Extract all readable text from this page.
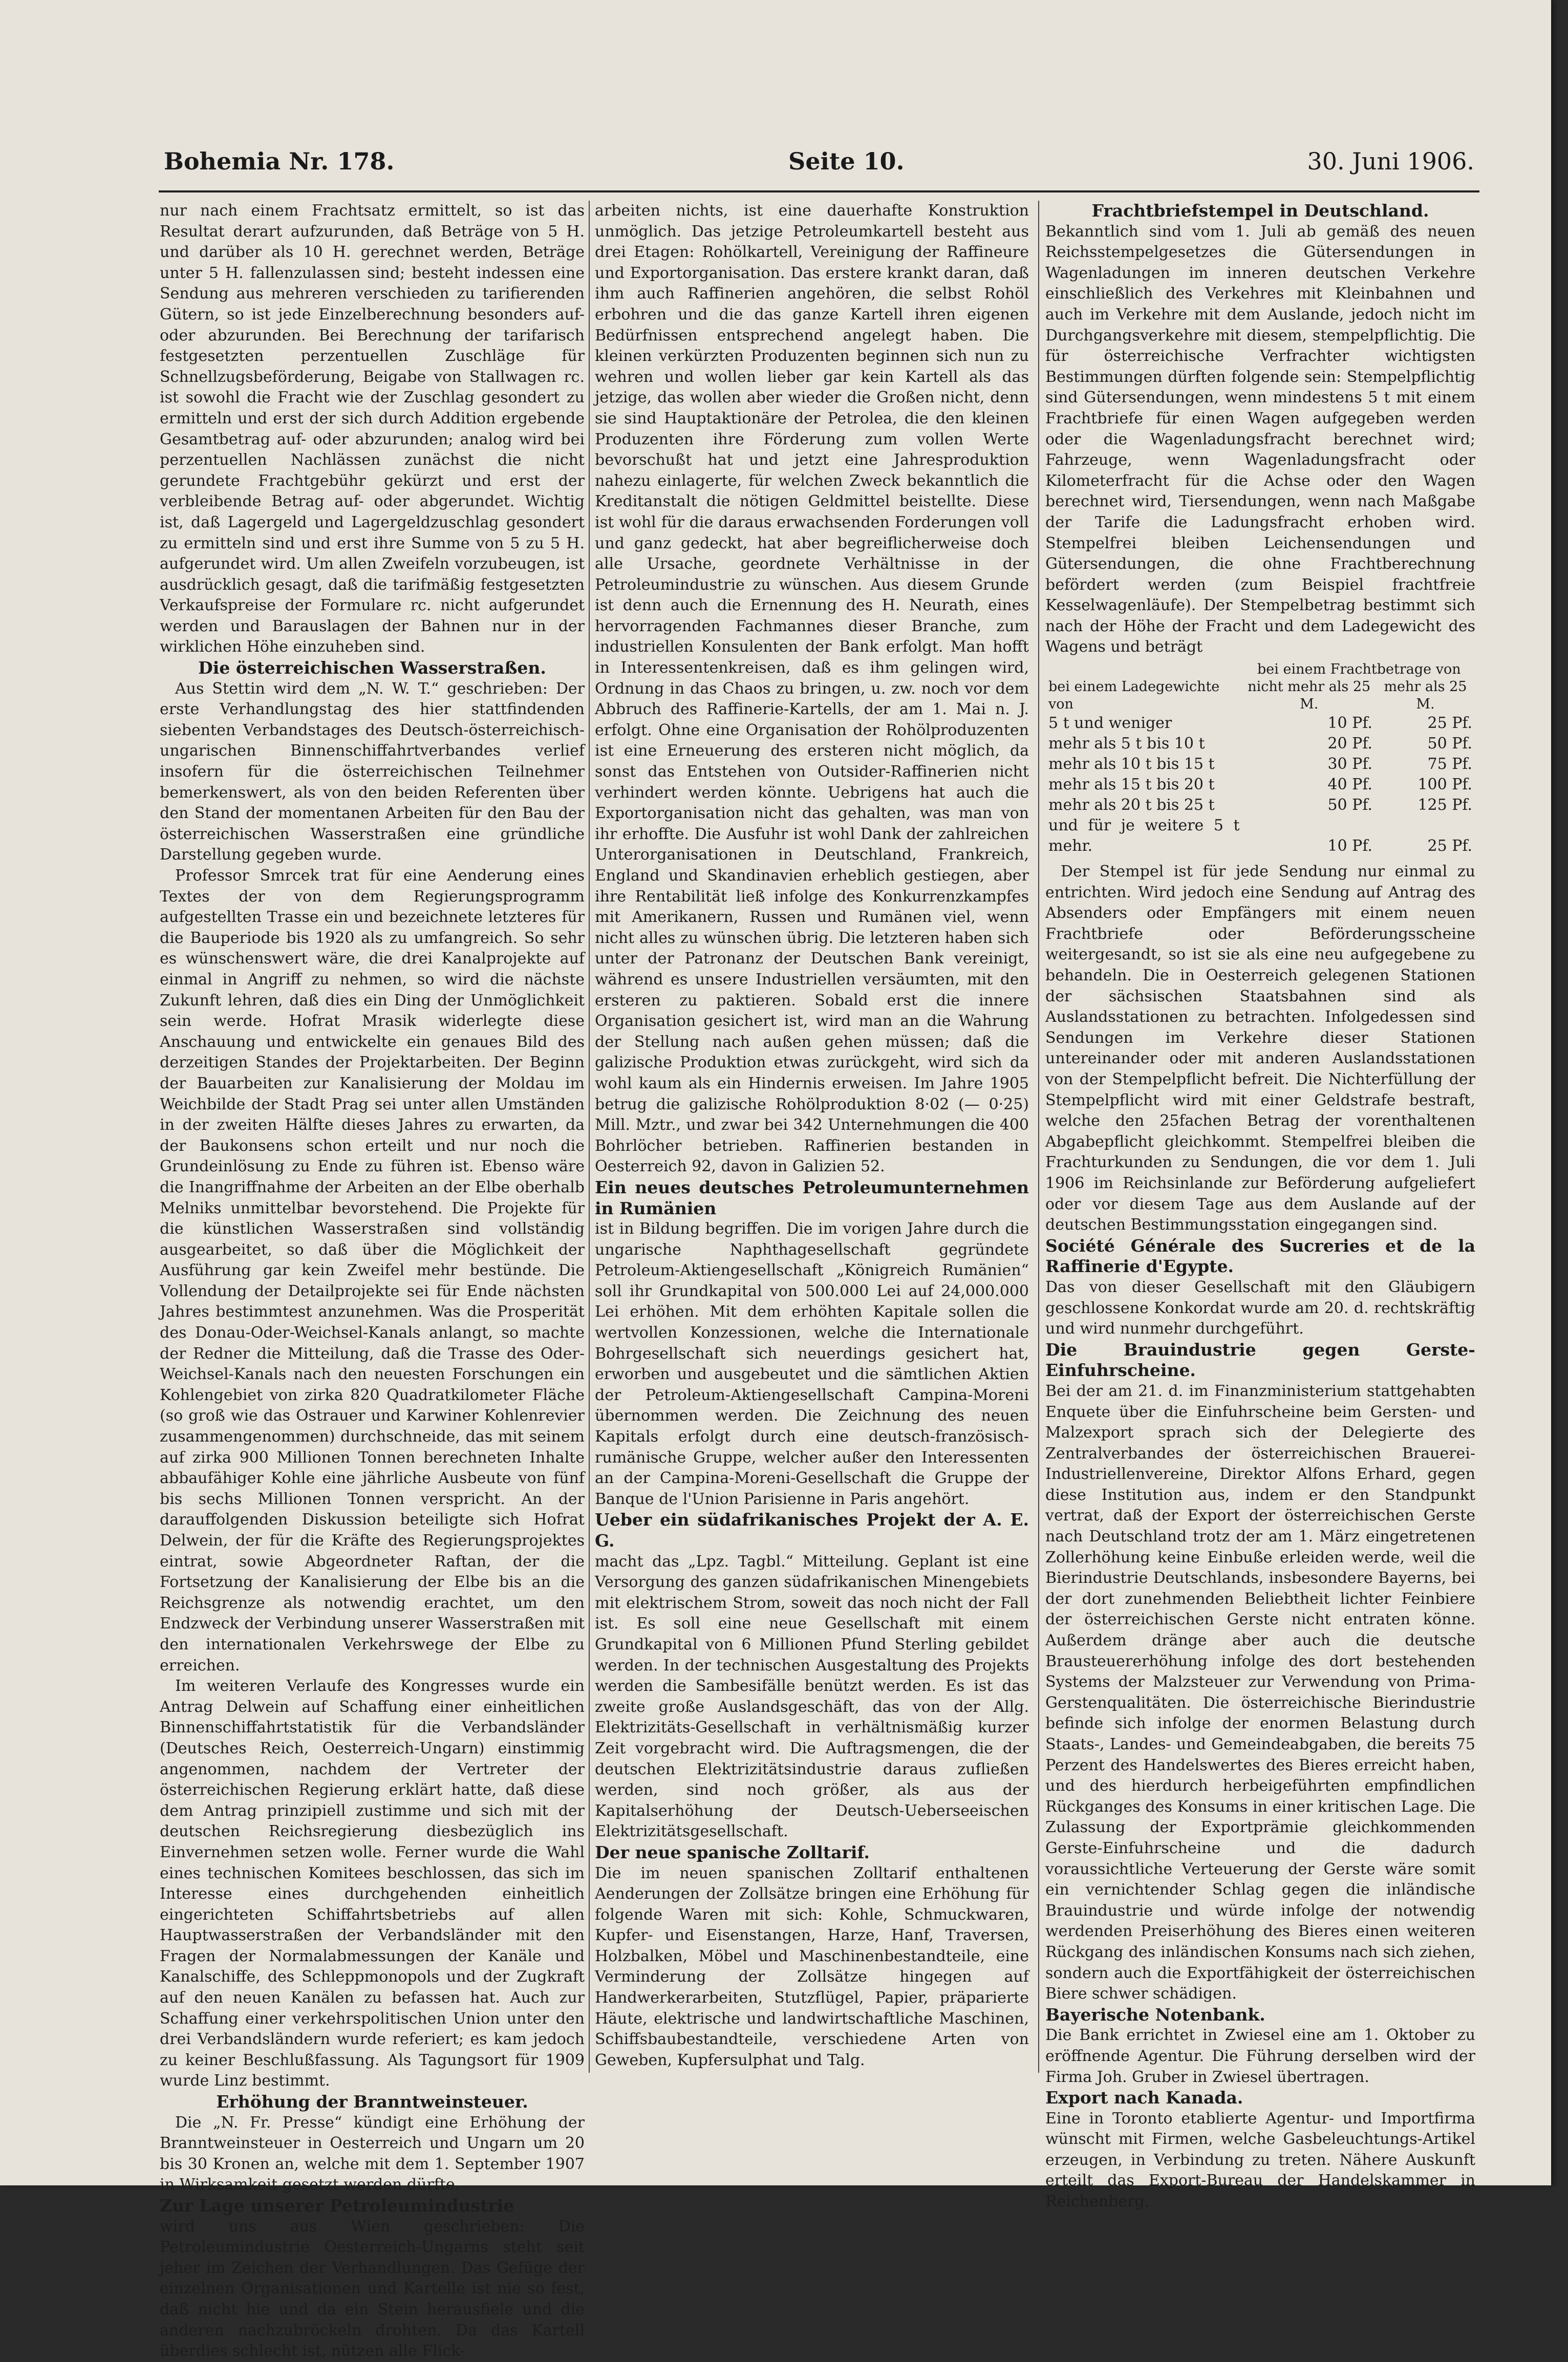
Bohemia Nr. 178.	Seite 10.	30. Juni 1906.

nur nach einem Frachtsatz ermittelt, so ist das Resultat derart aufzurunden, daß Beträge von 5 H. und darüber als 10 H. gerechnet werden, Beträge unter 5 H. fallenzulassen sind; besteht indessen eine Sendung aus mehreren verschieden zu tarifierenden Gütern, so ist jede Einzelberechnung besonders auf- oder abzurunden. Bei Berechnung der tarifarisch festgesetzten perzentuellen Zuschläge für Schnellzugsbeförderung, Beigabe von Stallwagen rc. ist sowohl die Fracht wie der Zuschlag gesondert zu ermitteln und erst der sich durch Addition ergebende Gesamtbetrag auf- oder abzurunden; analog wird bei perzentuellen Nachlässen zunächst die nicht gerundete Frachtgebühr gekürzt und erst der verbleibende Betrag auf- oder abgerundet. Wichtig ist, daß Lagergeld und Lagergeldzuschlag gesondert zu ermitteln sind und erst ihre Summe von 5 zu 5 H. aufgerundet wird. Um allen Zweifeln vorzubeugen, ist ausdrücklich gesagt, daß die tarifmäßig festgesetzten Verkaufspreise der Formulare rc. nicht aufgerundet werden und Barauslagen der Bahnen nur in der wirklichen Höhe einzuheben sind.

Die österreichischen Wasserstraßen.

Aus Stettin wird dem „N. W. T.“ geschrieben: Der erste Verhandlungstag des hier stattfindenden siebenten Verbandstages des Deutsch-österreichisch-ungarischen Binnenschiffahrtverbandes verlief insofern für die österreichischen Teilnehmer bemerkenswert, als von den beiden Referenten über den Stand der momentanen Arbeiten für den Bau der österreichischen Wasserstraßen eine gründliche Darstellung gegeben wurde.

Professor Smrcek trat für eine Aenderung eines Textes der von dem Regierungsprogramm aufgestellten Trasse ein und bezeichnete letzteres für die Bauperiode bis 1920 als zu umfangreich. So sehr es wünschenswert wäre, die drei Kanalprojekte auf einmal in Angriff zu nehmen, so wird die nächste Zukunft lehren, daß dies ein Ding der Unmöglichkeit sein werde. Hofrat Mrasik widerlegte diese Anschauung und entwickelte ein genaues Bild des derzeitigen Standes der Projektarbeiten. Der Beginn der Bauarbeiten zur Kanalisierung der Moldau im Weichbilde der Stadt Prag sei unter allen Umständen in der zweiten Hälfte dieses Jahres zu erwarten, da der Baukonsens schon erteilt und nur noch die Grundeinlösung zu Ende zu führen ist. Ebenso wäre die Inangriffnahme der Arbeiten an der Elbe oberhalb Melniks unmittelbar bevorstehend. Die Projekte für die künstlichen Wasserstraßen sind vollständig ausgearbeitet, so daß über die Möglichkeit der Ausführung gar kein Zweifel mehr bestünde. Die Vollendung der Detailprojekte sei für Ende nächsten Jahres bestimmtest anzunehmen. Was die Prosperität des Donau-Oder-Weichsel-Kanals anlangt, so machte der Redner die Mitteilung, daß die Trasse des Oder-Weichsel-Kanals nach den neuesten Forschungen ein Kohlengebiet von zirka 820 Quadratkilometer Fläche (so groß wie das Ostrauer und Karwiner Kohlenrevier zusammengenommen) durchschneide, das mit seinem auf zirka 900 Millionen Tonnen berechneten Inhalte abbaufähiger Kohle eine jährliche Ausbeute von fünf bis sechs Millionen Tonnen verspricht. An der darauffolgenden Diskussion beteiligte sich Hofrat Delwein, der für die Kräfte des Regierungsprojektes eintrat, sowie Abgeordneter Raftan, der die Fortsetzung der Kanalisierung der Elbe bis an die Reichsgrenze als notwendig erachtet, um den Endzweck der Verbindung unserer Wasserstraßen mit den internationalen Verkehrswege der Elbe zu erreichen.

Im weiteren Verlaufe des Kongresses wurde ein Antrag Delwein auf Schaffung einer einheitlichen Binnenschiffahrtstatistik für die Verbandsländer (Deutsches Reich, Oesterreich-Ungarn) einstimmig angenommen, nachdem der Vertreter der österreichischen Regierung erklärt hatte, daß diese dem Antrag prinzipiell zustimme und sich mit der deutschen Reichsregierung diesbezüglich ins Einvernehmen setzen wolle. Ferner wurde die Wahl eines technischen Komitees beschlossen, das sich im Interesse eines durchgehenden einheitlich eingerichteten Schiffahrtsbetriebs auf allen Hauptwasserstraßen der Verbandsländer mit den Fragen der Normalabmessungen der Kanäle und Kanalschiffe, des Schleppmonopols und der Zugkraft auf den neuen Kanälen zu befassen hat. Auch zur Schaffung einer verkehrspolitischen Union unter den drei Verbandsländern wurde referiert; es kam jedoch zu keiner Beschlußfassung. Als Tagungsort für 1909 wurde Linz bestimmt.

Erhöhung der Branntweinsteuer.

Die „N. Fr. Presse“ kündigt eine Erhöhung der Branntweinsteuer in Oesterreich und Ungarn um 20 bis 30 Kronen an, welche mit dem 1. September 1907 in Wirksamkeit gesetzt werden dürfte.

Zur Lage unserer Petroleumindustrie

wird uns aus Wien geschrieben: Die Petroleumindustrie Oesterreich-Ungarns steht seit jeher im Zeichen der Verhandlungen. Das Gefüge der einzelnen Organisationen und Kartelle ist nie so fest, daß nicht hie und da ein Stein herausfiele und die anderen nachzubröckeln drohten. Da das Kartell überdies schlecht ist, nützen alle Flick-

arbeiten nichts, ist eine dauerhafte Konstruktion unmöglich. Das jetzige Petroleumkartell besteht aus drei Etagen: Rohölkartell, Vereinigung der Raffineure und Exportorganisation. Das erstere krankt daran, daß ihm auch Raffinerien angehören, die selbst Rohöl erbohren und die das ganze Kartell ihren eigenen Bedürfnissen entsprechend angelegt haben. Die kleinen verkürzten Produzenten beginnen sich nun zu wehren und wollen lieber gar kein Kartell als das jetzige, das wollen aber wieder die Großen nicht, denn sie sind Hauptaktionäre der Petrolea, die den kleinen Produzenten ihre Förderung zum vollen Werte bevorschußt hat und jetzt eine Jahresproduktion nahezu einlagerte, für welchen Zweck bekanntlich die Kreditanstalt die nötigen Geldmittel beistellte. Diese ist wohl für die daraus erwachsenden Forderungen voll und ganz gedeckt, hat aber begreiflicherweise doch alle Ursache, geordnete Verhältnisse in der Petroleumindustrie zu wünschen. Aus diesem Grunde ist denn auch die Ernennung des H. Neurath, eines hervorragenden Fachmannes dieser Branche, zum industriellen Konsulenten der Bank erfolgt. Man hofft in Interessentenkreisen, daß es ihm gelingen wird, Ordnung in das Chaos zu bringen, u. zw. noch vor dem Abbruch des Raffinerie-Kartells, der am 1. Mai n. J. erfolgt. Ohne eine Organisation der Rohölproduzenten ist eine Erneuerung des ersteren nicht möglich, da sonst das Entstehen von Outsider-Raffinerien nicht verhindert werden könnte. Uebrigens hat auch die Exportorganisation nicht das gehalten, was man von ihr erhoffte. Die Ausfuhr ist wohl Dank der zahlreichen Unterorganisationen in Deutschland, Frankreich, England und Skandinavien erheblich gestiegen, aber ihre Rentabilität ließ infolge des Konkurrenzkampfes mit Amerikanern, Russen und Rumänen viel, wenn nicht alles zu wünschen übrig. Die letzteren haben sich unter der Patronanz der Deutschen Bank vereinigt, während es unsere Industriellen versäumten, mit den ersteren zu paktieren. Sobald erst die innere Organisation gesichert ist, wird man an die Wahrung der Stellung nach außen gehen müssen; daß die galizische Produktion etwas zurückgeht, wird sich da wohl kaum als ein Hindernis erweisen. Im Jahre 1905 betrug die galizische Rohölproduktion 8·02 (— 0·25) Mill. Mztr., und zwar bei 342 Unternehmungen die 400 Bohrlöcher betrieben. Raffinerien bestanden in Oesterreich 92, davon in Galizien 52.

Ein neues deutsches Petroleumunternehmen in Rumänien

ist in Bildung begriffen. Die im vorigen Jahre durch die ungarische Naphthagesellschaft gegründete Petroleum-Aktiengesellschaft „Königreich Rumänien“ soll ihr Grundkapital von 500.000 Lei auf 24,000.000 Lei erhöhen. Mit dem erhöhten Kapitale sollen die wertvollen Konzessionen, welche die Internationale Bohrgesellschaft sich neuerdings gesichert hat, erworben und ausgebeutet und die sämtlichen Aktien der Petroleum-Aktiengesellschaft Campina-Moreni übernommen werden. Die Zeichnung des neuen Kapitals erfolgt durch eine deutsch-französisch-rumänische Gruppe, welcher außer den Interessenten an der Campina-Moreni-Gesellschaft die Gruppe der Banque de l'Union Parisienne in Paris angehört.

Ueber ein südafrikanisches Projekt der A. E. G.

macht das „Lpz. Tagbl.“ Mitteilung. Geplant ist eine Versorgung des ganzen südafrikanischen Minengebiets mit elektrischem Strom, soweit das noch nicht der Fall ist. Es soll eine neue Gesellschaft mit einem Grundkapital von 6 Millionen Pfund Sterling gebildet werden. In der technischen Ausgestaltung des Projekts werden die Sambesifälle benützt werden. Es ist das zweite große Auslandsgeschäft, das von der Allg. Elektrizitäts-Gesellschaft in verhältnismäßig kurzer Zeit vorgebracht wird. Die Auftragsmengen, die der deutschen Elektrizitätsindustrie daraus zufließen werden, sind noch größer, als aus der Kapitalserhöhung der Deutsch-Ueberseeischen Elektrizitätsgesellschaft.

Der neue spanische Zolltarif.

Die im neuen spanischen Zolltarif enthaltenen Aenderungen der Zollsätze bringen eine Erhöhung für folgende Waren mit sich: Kohle, Schmuckwaren, Kupfer- und Eisenstangen, Harze, Hanf, Traversen, Holzbalken, Möbel und Maschinenbestandteile, eine Verminderung der Zollsätze hingegen auf Handwerkerarbeiten, Stutzflügel, Papier, präparierte Häute, elektrische und landwirtschaftliche Maschinen, Schiffsbaubestandteile, verschiedene Arten von Geweben, Kupfersulphat und Talg.

Frachtbriefstempel in Deutschland.

Bekanntlich sind vom 1. Juli ab gemäß des neuen Reichsstempelgesetzes die Gütersendungen in Wagenladungen im inneren deutschen Verkehre einschließlich des Verkehres mit Kleinbahnen und auch im Verkehre mit dem Auslande, jedoch nicht im Durchgangsverkehre mit diesem, stempelpflichtig. Die für österreichische Verfrachter wichtigsten Bestimmungen dürften folgende sein: Stempelpflichtig sind Gütersendungen, wenn mindestens 5 t mit einem Frachtbriefe für einen Wagen aufgegeben werden oder die Wagenladungsfracht berechnet wird; Fahrzeuge, wenn Wagenladungsfracht oder Kilometerfracht für die Achse oder den Wagen berechnet wird, Tiersendungen, wenn nach Maßgabe der Tarife die Ladungsfracht erhoben wird. Stempelfrei bleiben Leichensendungen und Gütersendungen, die ohne Frachtberechnung befördert werden (zum Beispiel frachtfreie Kesselwagenläufe). Der Stempelbetrag bestimmt sich nach der Höhe der Fracht und dem Ladegewicht des Wagens und beträgt

bei einem Ladegewichte von	bei einem Frachtbetrage von	
	nicht mehr als 25 M.	mehr als 25 M.
5 t und weniger	10 Pf.	25 Pf.
mehr als 5 t bis 10 t	20 Pf.	50 Pf.
mehr als 10 t bis 15 t	30 Pf.	75 Pf.
mehr als 15 t bis 20 t	40 Pf.	100 Pf.
mehr als 20 t bis 25 t	50 Pf.	125 Pf.
und für je weitere 5 t mehr.	10 Pf.	25 Pf.

Der Stempel ist für jede Sendung nur einmal zu entrichten. Wird jedoch eine Sendung auf Antrag des Absenders oder Empfängers mit einem neuen Frachtbriefe oder Beförderungsscheine weitergesandt, so ist sie als eine neu aufgegebene zu behandeln. Die in Oesterreich gelegenen Stationen der sächsischen Staatsbahnen sind als Auslandsstationen zu betrachten. Infolgedessen sind Sendungen im Verkehre dieser Stationen untereinander oder mit anderen Auslandsstationen von der Stempelpflicht befreit. Die Nichterfüllung der Stempelpflicht wird mit einer Geldstrafe bestraft, welche den 25fachen Betrag der vorenthaltenen Abgabepflicht gleichkommt. Stempelfrei bleiben die Frachturkunden zu Sendungen, die vor dem 1. Juli 1906 im Reichsinlande zur Beförderung aufgeliefert oder vor diesem Tage aus dem Auslande auf der deutschen Bestimmungsstation eingegangen sind.

Société Générale des Sucreries et de la Raffinerie d'Egypte.

Das von dieser Gesellschaft mit den Gläubigern geschlossene Konkordat wurde am 20. d. rechtskräftig und wird nunmehr durchgeführt.

Die Brauindustrie gegen Gerste-Einfuhrscheine.

Bei der am 21. d. im Finanzministerium stattgehabten Enquete über die Einfuhrscheine beim Gersten- und Malzexport sprach sich der Delegierte des Zentralverbandes der österreichischen Brauerei-Industriellenvereine, Direktor Alfons Erhard, gegen diese Institution aus, indem er den Standpunkt vertrat, daß der Export der österreichischen Gerste nach Deutschland trotz der am 1. März eingetretenen Zollerhöhung keine Einbuße erleiden werde, weil die Bierindustrie Deutschlands, insbesondere Bayerns, bei der dort zunehmenden Beliebtheit lichter Feinbiere der österreichischen Gerste nicht entraten könne. Außerdem dränge aber auch die deutsche Brausteuererhöhung infolge des dort bestehenden Systems der Malzsteuer zur Verwendung von Prima-Gerstenqualitäten. Die österreichische Bierindustrie befinde sich infolge der enormen Belastung durch Staats-, Landes- und Gemeindeabgaben, die bereits 75 Perzent des Handelswertes des Bieres erreicht haben, und des hierdurch herbeigeführten empfindlichen Rückganges des Konsums in einer kritischen Lage. Die Zulassung der Exportprämie gleichkommenden Gerste-Einfuhrscheine und die dadurch voraussichtliche Verteuerung der Gerste wäre somit ein vernichtender Schlag gegen die inländische Brauindustrie und würde infolge der notwendig werdenden Preiserhöhung des Bieres einen weiteren Rückgang des inländischen Konsums nach sich ziehen, sondern auch die Exportfähigkeit der österreichischen Biere schwer schädigen.

Bayerische Notenbank.

Die Bank errichtet in Zwiesel eine am 1. Oktober zu eröffnende Agentur. Die Führung derselben wird der Firma Joh. Gruber in Zwiesel übertragen.

Export nach Kanada.

Eine in Toronto etablierte Agentur- und Importfirma wünscht mit Firmen, welche Gasbeleuchtungs-Artikel erzeugen, in Verbindung zu treten. Nähere Auskunft erteilt das Export-Bureau der Handelskammer in Reichenberg.
